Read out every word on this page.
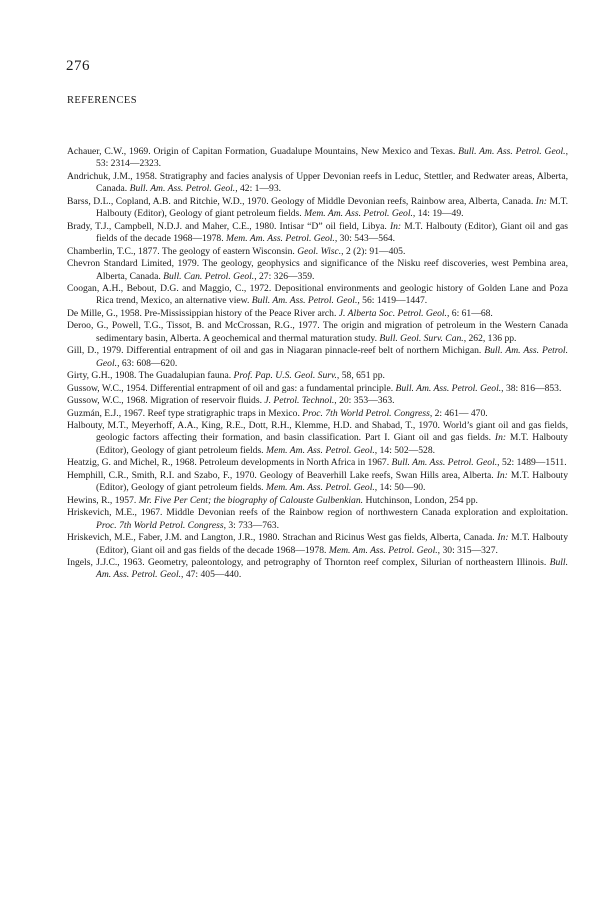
276
REFERENCES

Achauer, C.W., 1969. Origin of Capitan Formation, Guadalupe Mountains, New Mexico and Texas. Bull. Am. Ass. Petrol. Geol., 53: 2314—2323.

Andrichuk, J.M., 1958. Stratigraphy and facies analysis of Upper Devonian reefs in Leduc, Stettler, and Redwater areas, Alberta, Canada. Bull. Am. Ass. Petrol. Geol., 42: 1—93.

Barss, D.L., Copland, A.B. and Ritchie, W.D., 1970. Geology of Middle Devonian reefs, Rainbow area, Alberta, Canada. In: M.T. Halbouty (Editor), Geology of giant petroleum fields. Mem. Am. Ass. Petrol. Geol., 14: 19—49.

Brady, T.J., Campbell, N.D.J. and Maher, C.E., 1980. Intisar “D” oil field, Libya. In: M.T. Halbouty (Editor), Giant oil and gas fields of the decade 1968—1978. Mem. Am. Ass. Petrol. Geol., 30: 543—564.

Chamberlin, T.C., 1877. The geology of eastern Wisconsin. Geol. Wisc., 2 (2): 91—405.

Chevron Standard Limited, 1979. The geology, geophysics and significance of the Nisku reef discoveries, west Pembina area, Alberta, Canada. Bull. Can. Petrol. Geol., 27: 326—359.

Coogan, A.H., Bebout, D.G. and Maggio, C., 1972. Depositional environments and geologic history of Golden Lane and Poza Rica trend, Mexico, an alternative view. Bull. Am. Ass. Petrol. Geol., 56: 1419—1447.

De Mille, G., 1958. Pre-Mississippian history of the Peace River arch. J. Alberta Soc. Petrol. Geol., 6: 61—68.

Deroo, G., Powell, T.G., Tissot, B. and McCrossan, R.G., 1977. The origin and migration of petroleum in the Western Canada sedimentary basin, Alberta. A geochemical and thermal maturation study. Bull. Geol. Surv. Can., 262, 136 pp.

Gill, D., 1979. Differential entrapment of oil and gas in Niagaran pinnacle-reef belt of northern Michigan. Bull. Am. Ass. Petrol. Geol., 63: 608—620.

Girty, G.H., 1908. The Guadalupian fauna. Prof. Pap. U.S. Geol. Surv., 58, 651 pp.

Gussow, W.C., 1954. Differential entrapment of oil and gas: a fundamental principle. Bull. Am. Ass. Petrol. Geol., 38: 816—853.

Gussow, W.C., 1968. Migration of reservoir fluids. J. Petrol. Technol., 20: 353—363.

Guzmán, E.J., 1967. Reef type stratigraphic traps in Mexico. Proc. 7th World Petrol. Congress, 2: 461— 470.

Halbouty, M.T., Meyerhoff, A.A., King, R.E., Dott, R.H., Klemme, H.D. and Shabad, T., 1970. World’s giant oil and gas fields, geologic factors affecting their formation, and basin classification. Part I. Giant oil and gas fields. In: M.T. Halbouty (Editor), Geology of giant petroleum fields. Mem. Am. Ass. Petrol. Geol., 14: 502—528.

Heatzig, G. and Michel, R., 1968. Petroleum developments in North Africa in 1967. Bull. Am. Ass. Petrol. Geol., 52: 1489—1511.

Hemphill, C.R., Smith, R.I. and Szabo, F., 1970. Geology of Beaverhill Lake reefs, Swan Hills area, Alberta. In: M.T. Halbouty (Editor), Geology of giant petroleum fields. Mem. Am. Ass. Petrol. Geol., 14: 50—90.

Hewins, R., 1957. Mr. Five Per Cent; the biography of Calouste Gulbenkian. Hutchinson, London, 254 pp.

Hriskevich, M.E., 1967. Middle Devonian reefs of the Rainbow region of northwestern Canada exploration and exploitation. Proc. 7th World Petrol. Congress, 3: 733—763.

Hriskevich, M.E., Faber, J.M. and Langton, J.R., 1980. Strachan and Ricinus West gas fields, Alberta, Canada. In: M.T. Halbouty (Editor), Giant oil and gas fields of the decade 1968—1978. Mem. Am. Ass. Petrol. Geol., 30: 315—327.

Ingels, J.J.C., 1963. Geometry, paleontology, and petrography of Thornton reef complex, Silurian of northeastern Illinois. Bull. Am. Ass. Petrol. Geol., 47: 405—440.
